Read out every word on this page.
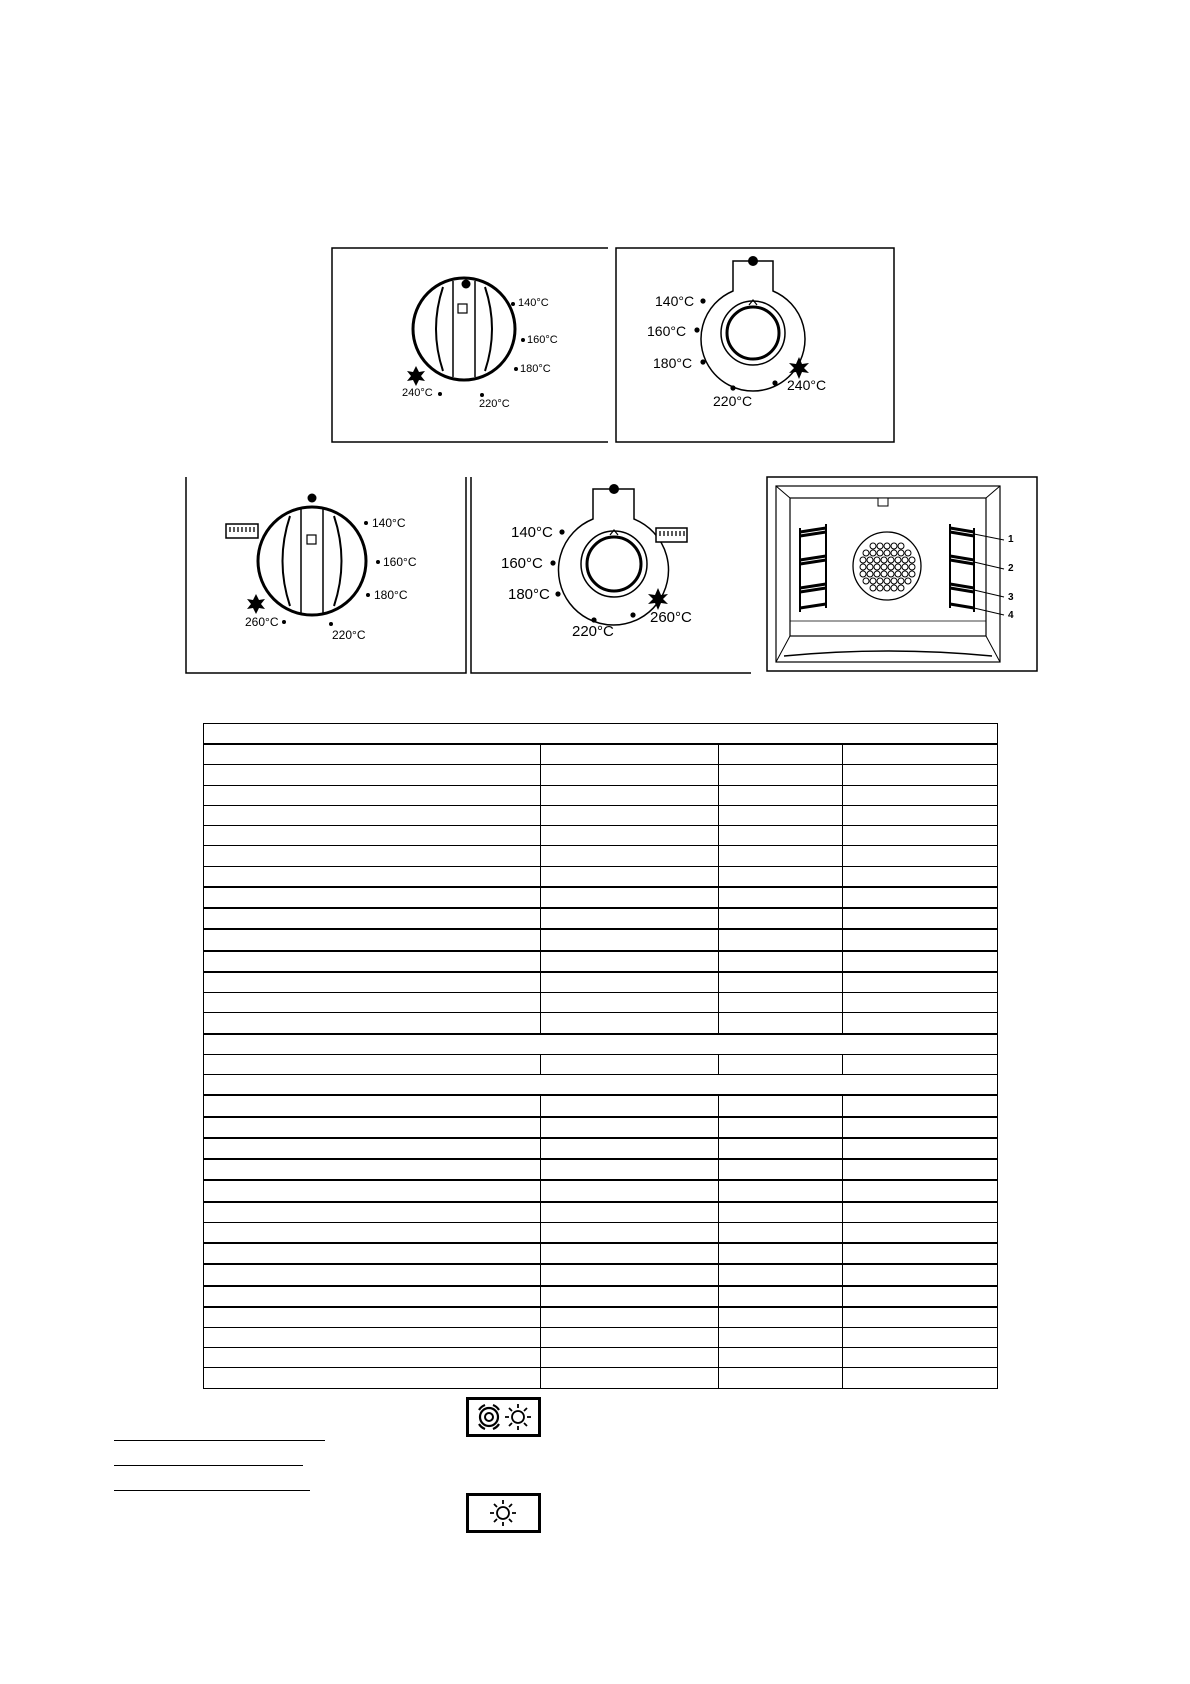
140°C
160°C
180°C
220°C
240°C
140°C
160°C
180°C
220°C
240°C
140°C
160°C
180°C
220°C
260°C
140°C
160°C
180°C
220°C
260°C
1
2
3
4
